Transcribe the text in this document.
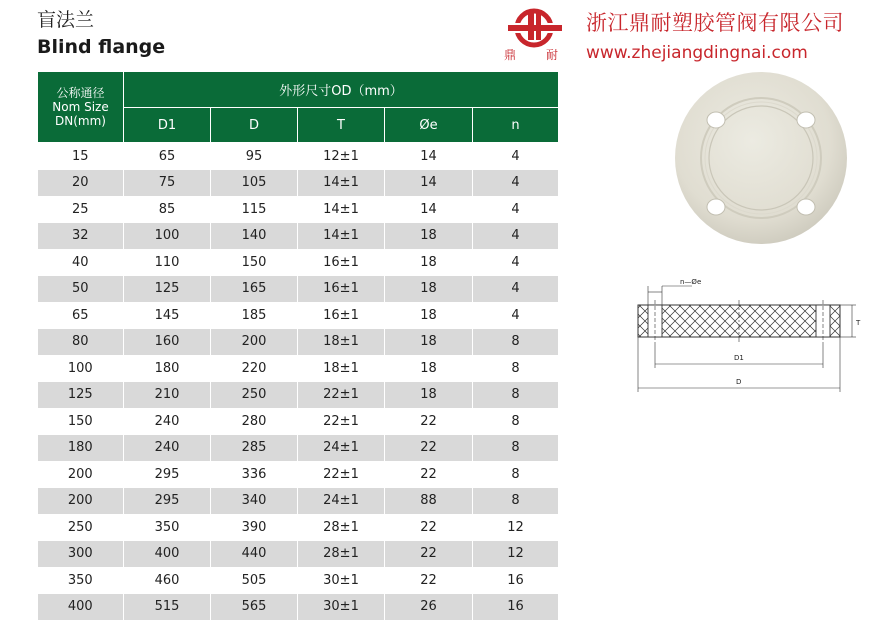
盲法兰
Blind flange	鼎 耐
浙江鼎耐塑胶管阀有限公司
www.zhejiangdingnai.com
公称通径
Nom Size
DN(mm)	外形尺寸OD（mm）				
	D1	D	T	Øe	n
15	65	95	12±1	14	4
20	75	105	14±1	14	4
25	85	115	14±1	14	4
32	100	140	14±1	18	4
40	110	150	16±1	18	4
50	125	165	16±1	18	4
65	145	185	16±1	18	4
80	160	200	18±1	18	8
100	180	220	18±1	18	8
125	210	250	22±1	18	8
150	240	280	22±1	22	8
180	240	285	24±1	22	8
200	295	336	22±1	22	8
200	295	340	24±1	88	8
250	350	390	28±1	22	12
300	400	440	28±1	22	12
350	460	505	30±1	22	16
400	515	565	30±1	26	16
n—Øe
T
D1
D
